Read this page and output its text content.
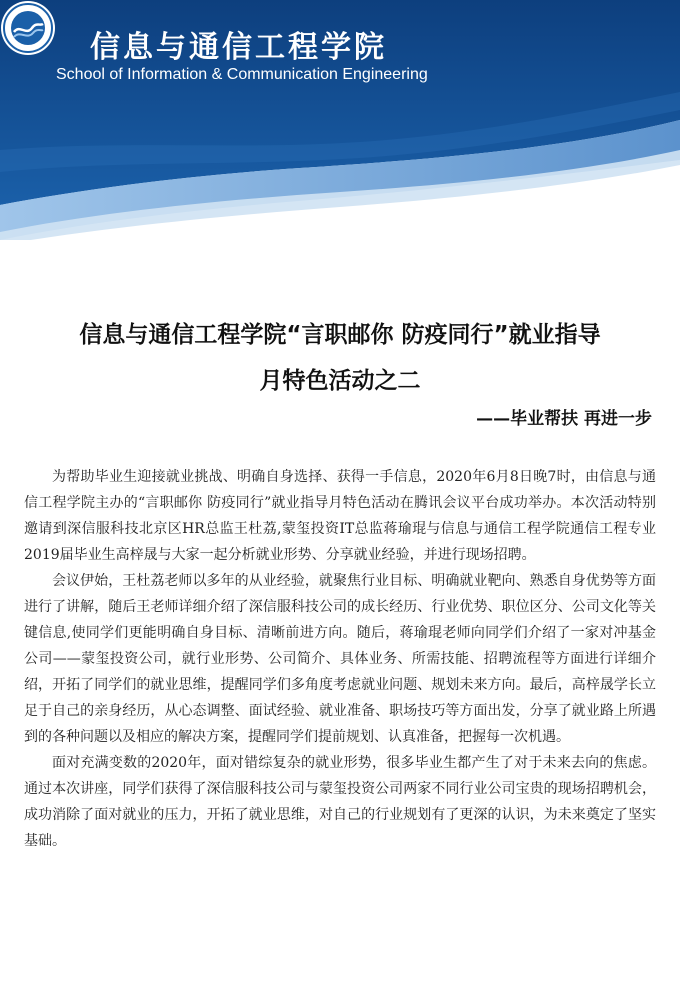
信息与通信工程学院
School of Information & Communication Engineering
信息与通信工程学院“言职邮你 防疫同行”就业指导
月特色活动之二
——毕业帮扶 再进一步

为帮助毕业生迎接就业挑战、明确自身选择、获得一手信息，2020年6月8日晚7时，由信息与通信工程学院主办的“言职邮你 防疫同行”就业指导月特色活动在腾讯会议平台成功举办。本次活动特别邀请到深信服科技北京区HR总监王杜荔,蒙玺投资IT总监蒋瑜琨与信息与通信工程学院通信工程专业2019届毕业生高梓晟与大家一起分析就业形势、分享就业经验，并进行现场招聘。

会议伊始，王杜荔老师以多年的从业经验，就聚焦行业目标、明确就业靶向、熟悉自身优势等方面进行了讲解，随后王老师详细介绍了深信服科技公司的成长经历、行业优势、职位区分、公司文化等关键信息,使同学们更能明确自身目标、清晰前进方向。随后，蒋瑜琨老师向同学们介绍了一家对冲基金公司——蒙玺投资公司，就行业形势、公司简介、具体业务、所需技能、招聘流程等方面进行详细介绍，开拓了同学们的就业思维，提醒同学们多角度考虑就业问题、规划未来方向。最后，高梓晟学长立足于自己的亲身经历，从心态调整、面试经验、就业准备、职场技巧等方面出发，分享了就业路上所遇到的各种问题以及相应的解决方案，提醒同学们提前规划、认真准备，把握每一次机遇。

面对充满变数的2020年，面对错综复杂的就业形势，很多毕业生都产生了对于未来去向的焦虑。通过本次讲座，同学们获得了深信服科技公司与蒙玺投资公司两家不同行业公司宝贵的现场招聘机会，成功消除了面对就业的压力，开拓了就业思维，对自己的行业规划有了更深的认识，为未来奠定了坚实基础。
